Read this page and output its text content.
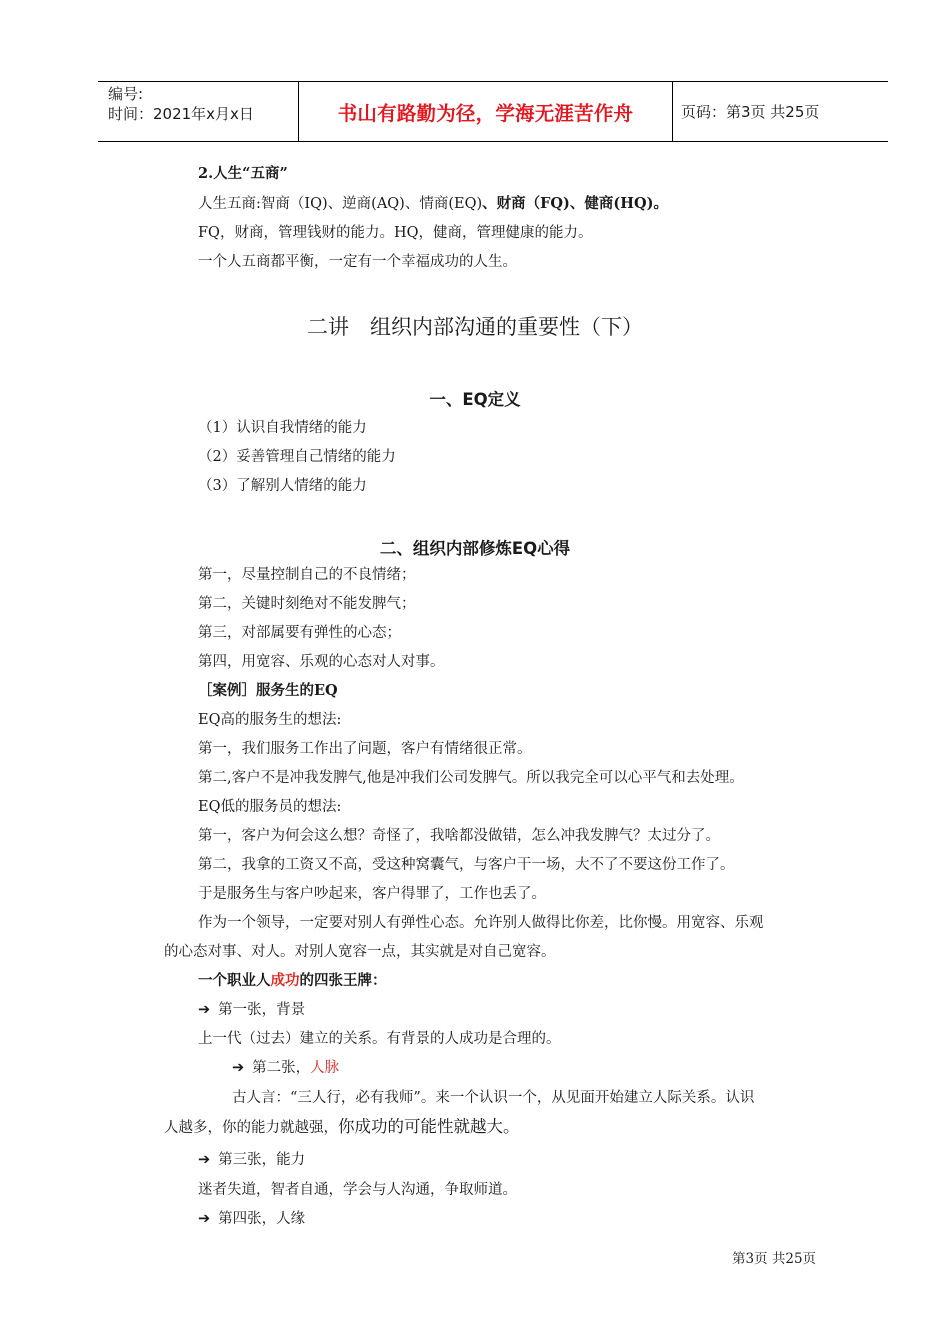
编号:
时间：2021年x月x日	书山有路勤为径，学海无涯苦作舟	页码：第3页 共25页
2.人生“五商”
人生五商:智商（IQ)、逆商(AQ)、情商(EQ)、财商（FQ)、健商(HQ)。
FQ，财商，管理钱财的能力。HQ，健商，管理健康的能力。
一个人五商都平衡，一定有一个幸福成功的人生。
二讲　组织内部沟通的重要性（下）
一、EQ定义
（1）认识自我情绪的能力
（2）妥善管理自己情绪的能力
（3）了解别人情绪的能力
二、组织内部修炼EQ心得
第一，尽量控制自己的不良情绪；
第二，关键时刻绝对不能发脾气；
第三，对部属要有弹性的心态；
第四，用宽容、乐观的心态对人对事。
［案例］服务生的EQ
EQ高的服务生的想法:
第一，我们服务工作出了问题，客户有情绪很正常。
第二,客户不是冲我发脾气,他是冲我们公司发脾气。所以我完全可以心平气和去处理。
EQ低的服务员的想法:
第一，客户为何会这么想？奇怪了，我啥都没做错，怎么冲我发脾气？太过分了。
第二，我拿的工资又不高，受这种窝囊气，与客户干一场，大不了不要这份工作了。
于是服务生与客户吵起来，客户得罪了，工作也丢了。
作为一个领导，一定要对别人有弹性心态。允许别人做得比你差，比你慢。用宽容、乐观
的心态对事、对人。对别人宽容一点，其实就是对自己宽容。
一个职业人成功的四张王牌：
➔ 第一张，背景
上一代（过去）建立的关系。有背景的人成功是合理的。
➔ 第二张，人脉
古人言：“三人行，必有我师”。来一个认识一个，从见面开始建立人际关系。认识
人越多，你的能力就越强，你成功的可能性就越大。
➔ 第三张，能力
迷者失道，智者自通，学会与人沟通，争取师道。
➔ 第四张，人缘
第3页 共25页
